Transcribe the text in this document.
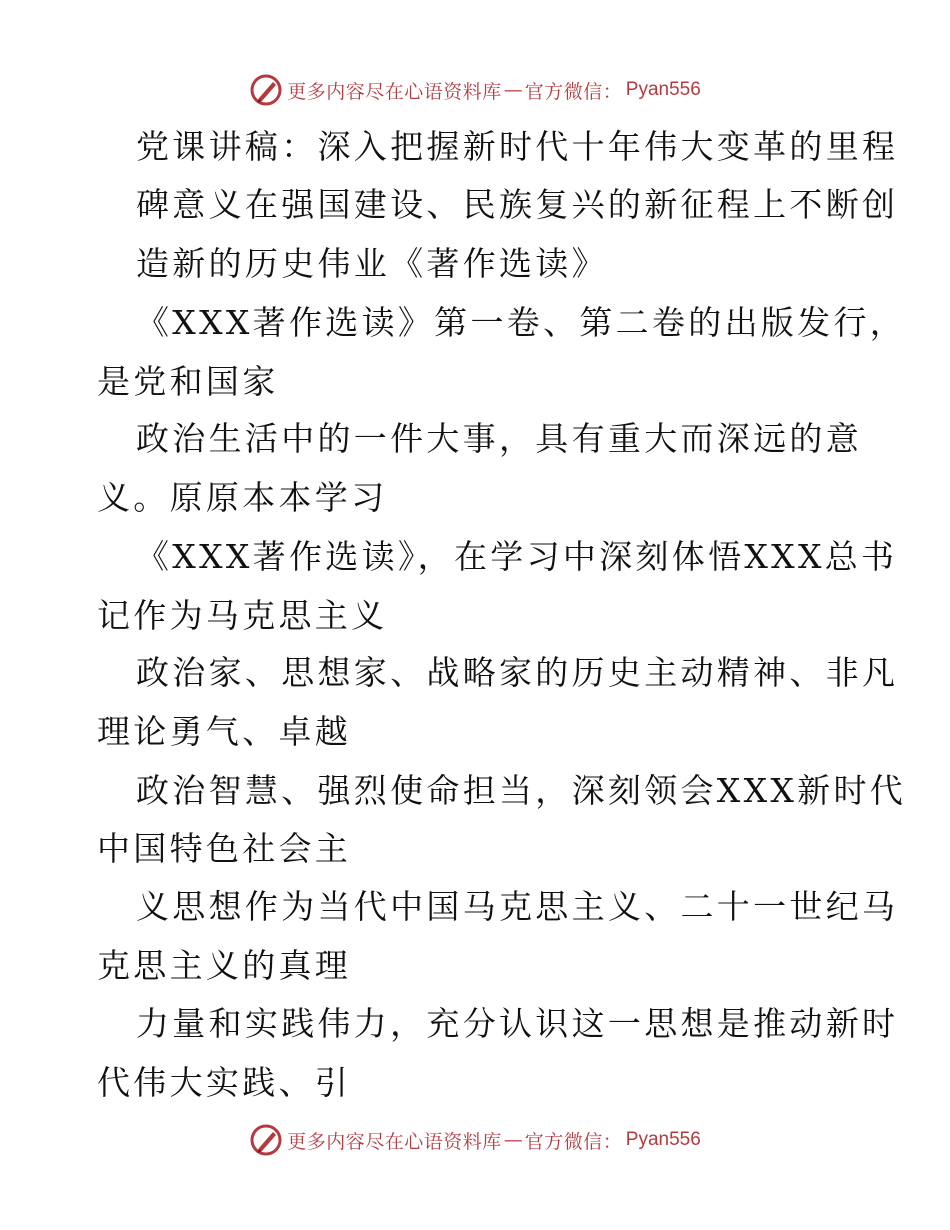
更多内容尽在心语资料库 — 官方微信 ： Pyan556
党课讲稿：深入把握新时代十年伟大变革的里程
碑意义在强国建设、民族复兴的新征程上不断创
造新的历史伟业《著作选读》
《XXX著作选读》第一卷、第二卷的出版发行，
是党和国家
政治生活中的一件大事，具有重大而深远的意
义。原原本本学习
《XXX著作选读》，在学习中深刻体悟XXX总书
记作为马克思主义
政治家、思想家、战略家的历史主动精神、非凡
理论勇气、卓越
政治智慧、强烈使命担当，深刻领会XXX新时代
中国特色社会主
义思想作为当代中国马克思主义、二十一世纪马
克思主义的真理
力量和实践伟力，充分认识这一思想是推动新时
代伟大实践、引
更多内容尽在心语资料库 — 官方微信 ： Pyan556
